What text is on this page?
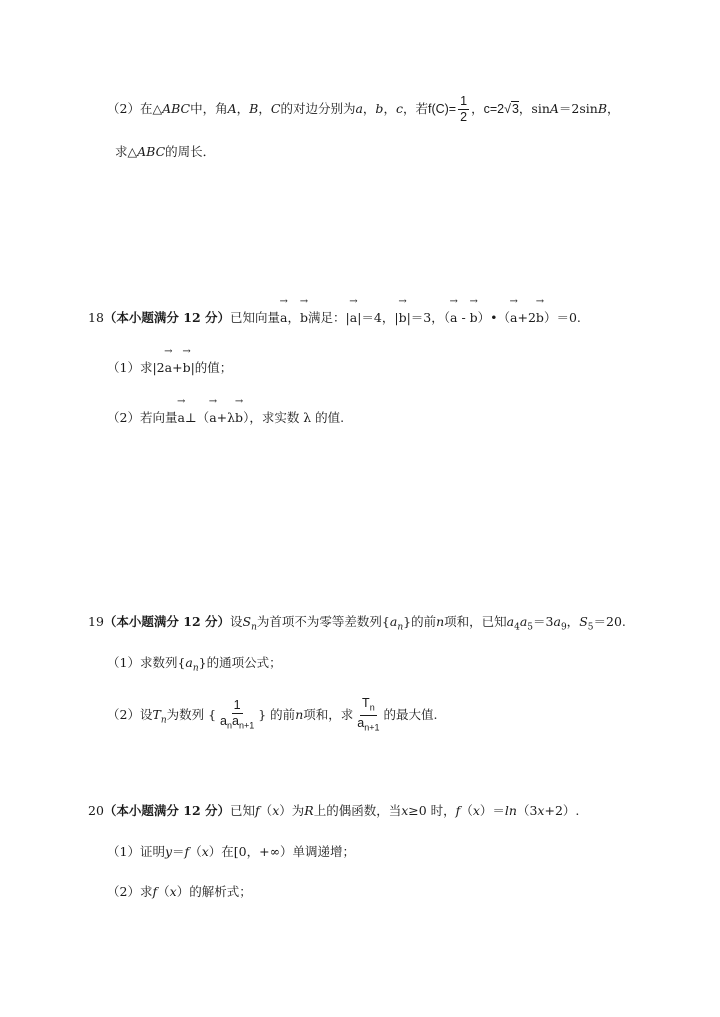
（2）在△ABC中，角A，B，C的对边分别为a，b，c，若$f(C)= \frac{1}{2}$ ，c=2√3，sinA＝2sinB，
求△ABC的周长．
18（本小题满分 12 分）已知向量→ a，→ b满足：|→ a|＝4，|→ b|＝3，（→ a - → b）•（→ a+2→ b）＝0.
（1）求|2→ a+→ b|的值；
（2）若向量→ a⊥（→ a+λ→ b），求实数 λ 的值.
19（本小题满分 12 分）设$S_n$为首项不为零等差数列$\{a_n\}$的前n项和，已知$a_4a_5=3a_9$，$S_5=20$.
（1）求数列$\{a_n\}$的通项公式；
（2）设$T_n$为数列 { $\frac{1}{a_na_{n+1}}$ } 的前n项和，求 $\frac{T_n}{a_{n+1}}$ 的最大值.
20（本小题满分 12 分）已知f（x）为R上的偶函数，当x≥0 时，f（x）＝ln（3x+2）.
（1）证明y＝f（x）在[0，+∞）单调递增；
（2）求f（x）的解析式；
